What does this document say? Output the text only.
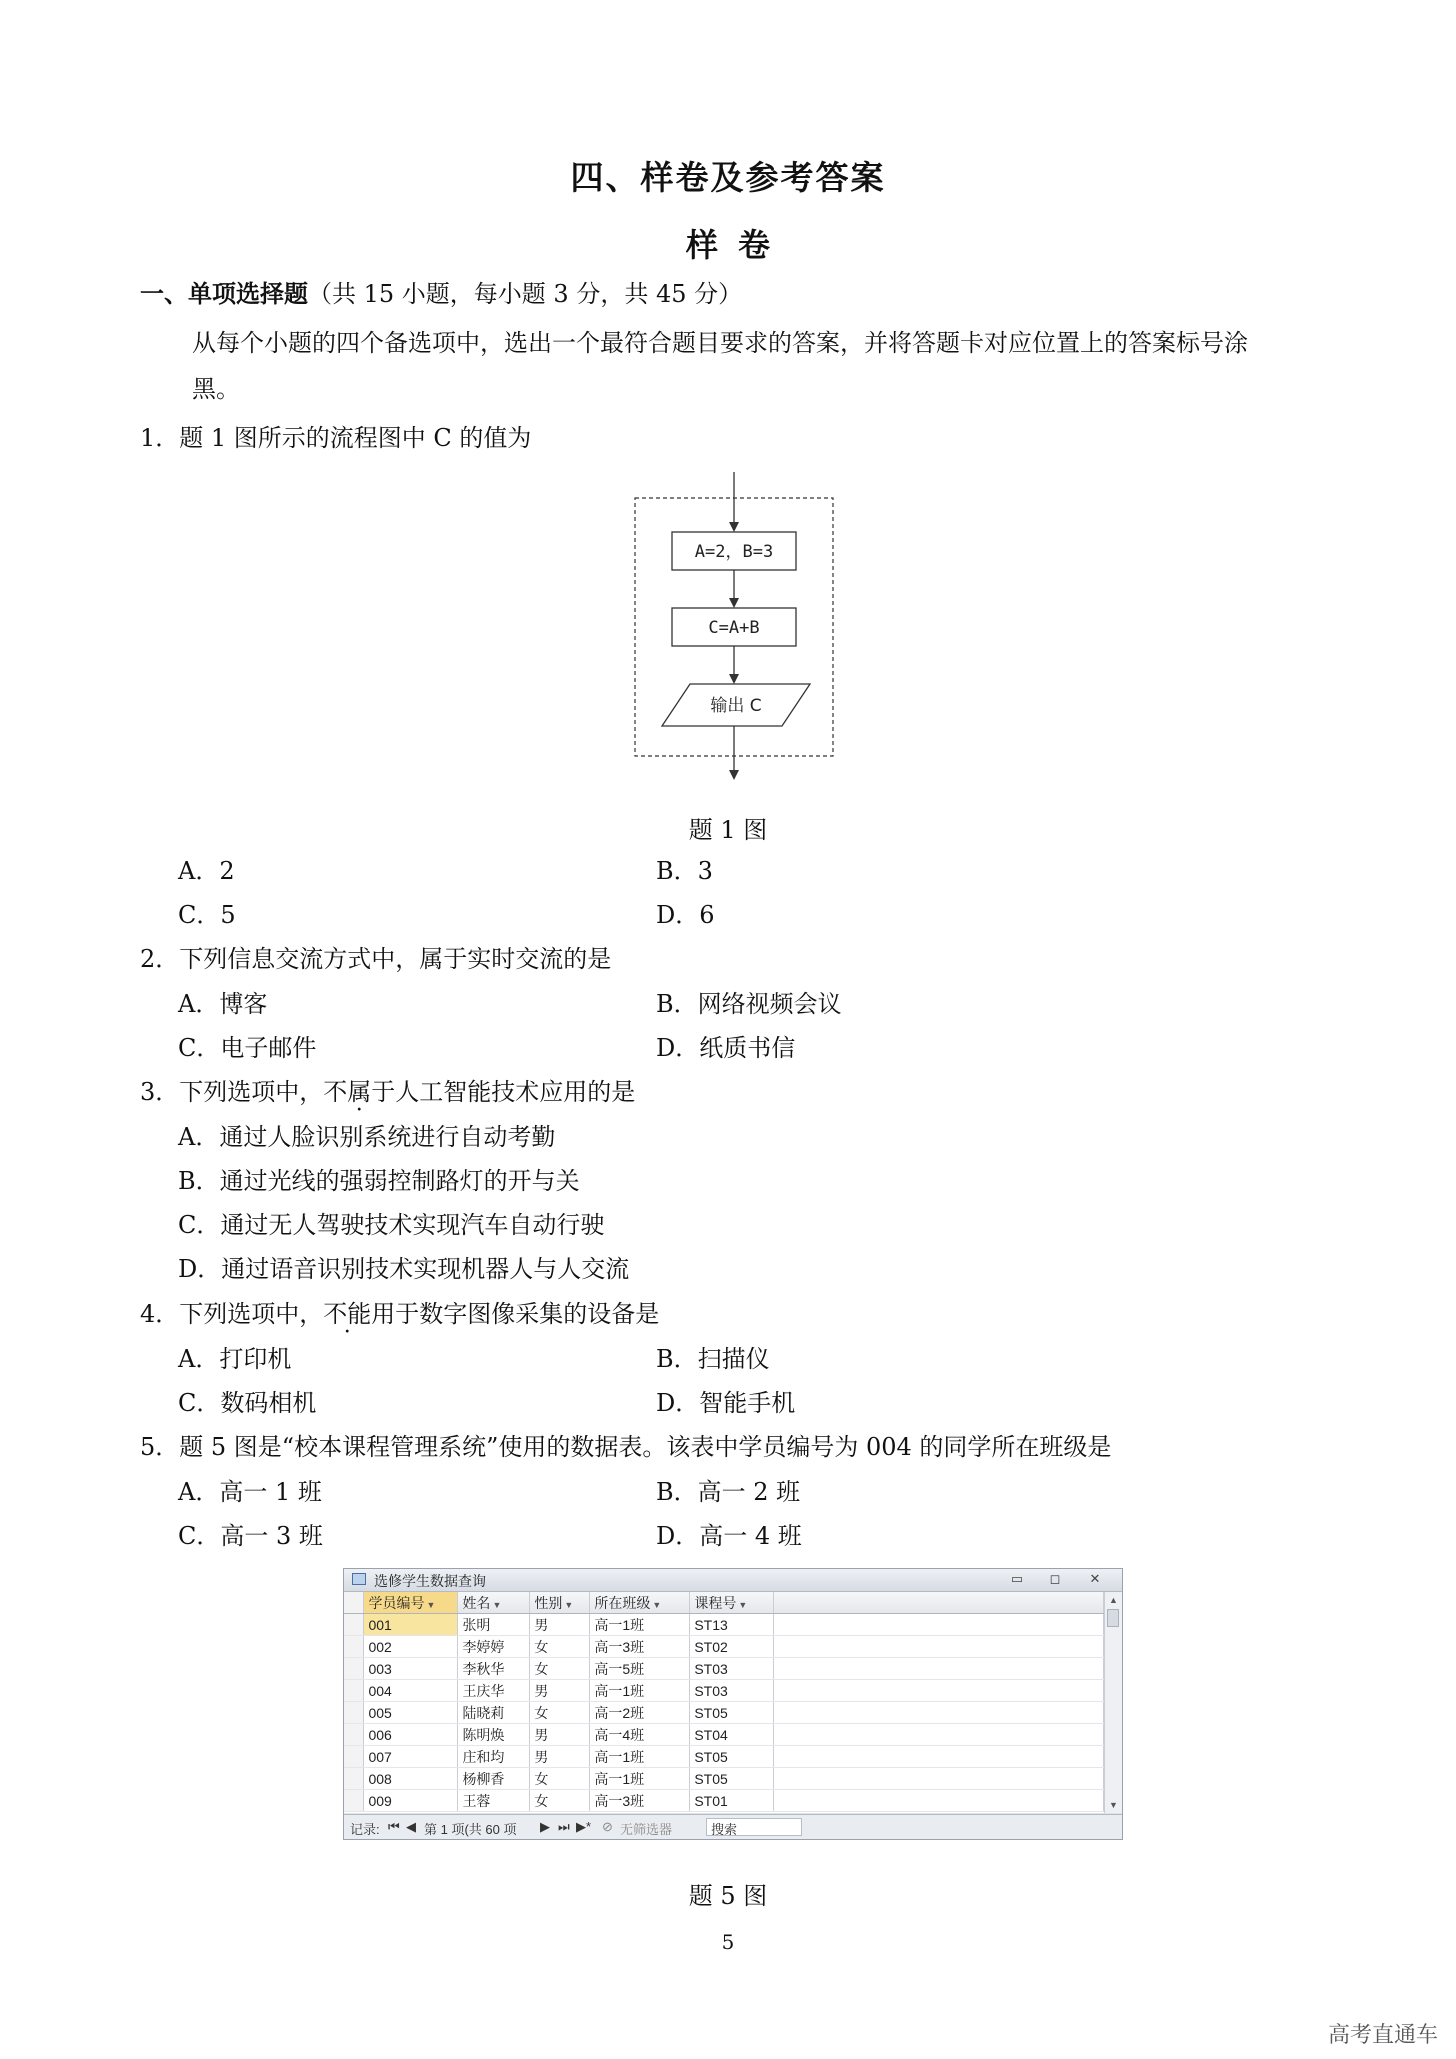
四、样卷及参考答案
样卷
一、单项选择题（共 15 小题，每小题 3 分，共 45 分）
从每个小题的四个备选项中，选出一个最符合题目要求的答案，并将答题卡对应位置上的答案标号涂
黑。
1．题 1 图所示的流程图中 C 的值为
A=2，B=3
C=A+B
输出 C
题 1 图
A．2	B．3
C．5	D．6
2．下列信息交流方式中，属于实时交流的是
A．博客	B．网络视频会议
C．电子邮件	D．纸质书信
3．下列选项中，不属于人工智能技术应用的是
A．通过人脸识别系统进行自动考勤
B．通过光线的强弱控制路灯的开与关
C．通过无人驾驶技术实现汽车自动行驶
D．通过语音识别技术实现机器人与人交流
4．下列选项中，不能用于数字图像采集的设备是
A．打印机	B．扫描仪
C．数码相机	D．智能手机
5．题 5 图是“校本课程管理系统”使用的数据表。该表中学员编号为 004 的同学所在班级是
A．高一 1 班	B．高一 2 班
C．高一 3 班	D．高一 4 班
选修学生数据查询	▭	◻	✕
	学员编号 ▼	姓名 ▼	性别 ▼	所在班级 ▼	课程号 ▼	
	001	张明	男	高一1班	ST13	
	002	李婷婷	女	高一3班	ST02	
	003	李秋华	女	高一5班	ST03	
	004	王庆华	男	高一1班	ST03	
	005	陆晓莉	女	高一2班	ST05	
	006	陈明焕	男	高一4班	ST04	
	007	庄和均	男	高一1班	ST05	
	008	杨柳香	女	高一1班	ST05	
	009	王蓉	女	高一3班	ST01	
▲
▼
记录: ⏮ ◀ 第 1 项(共 60 项 ▶ ⏭ ▶* ⊘ 无筛选器	搜索
题 5 图
5
高考直通车
